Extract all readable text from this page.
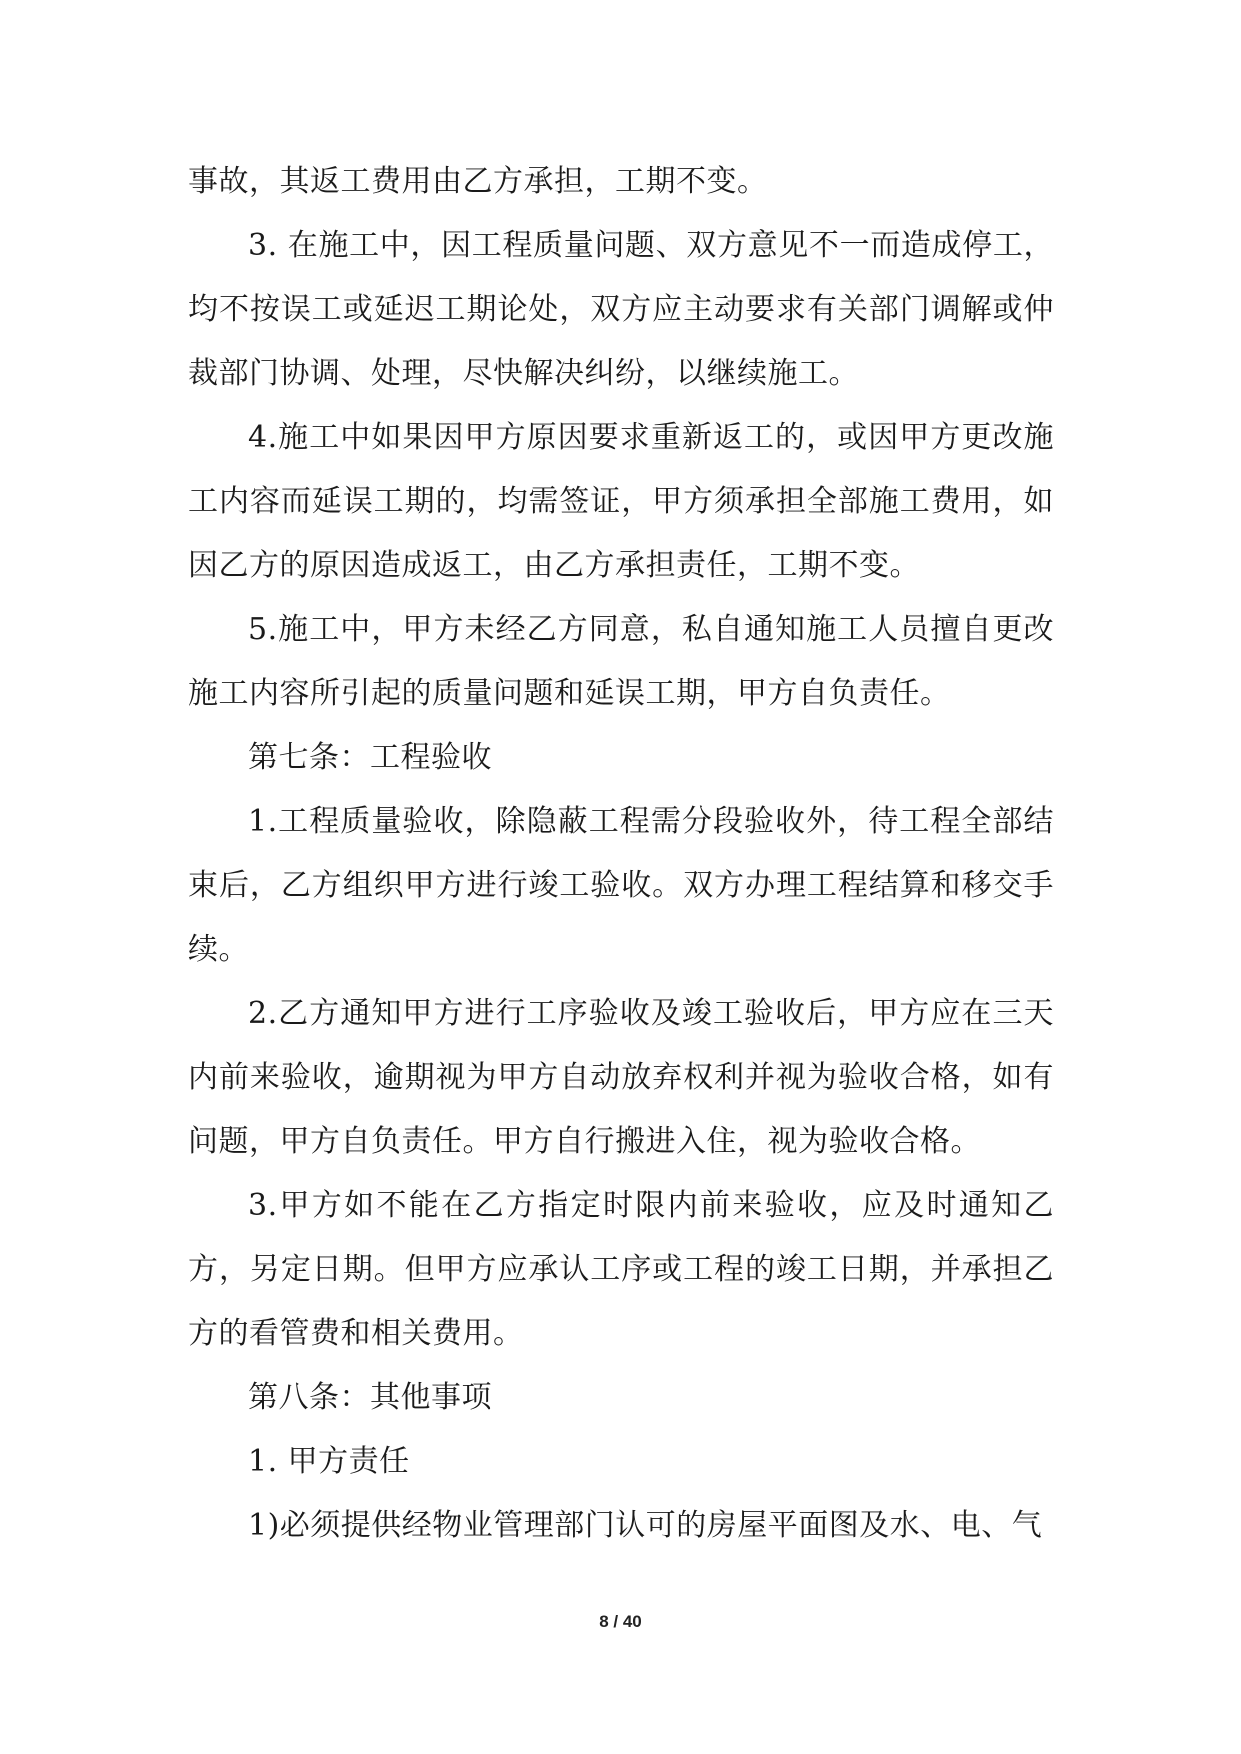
事故，其返工费用由乙方承担，工期不变。

3. 在施工中，因工程质量问题、双方意见不一而造成停工，均不按误工或延迟工期论处，双方应主动要求有关部门调解或仲裁部门协调、处理，尽快解决纠纷，以继续施工。

4.施工中如果因甲方原因要求重新返工的，或因甲方更改施工内容而延误工期的，均需签证，甲方须承担全部施工费用，如因乙方的原因造成返工，由乙方承担责任，工期不变。

5.施工中，甲方未经乙方同意，私自通知施工人员擅自更改施工内容所引起的质量问题和延误工期，甲方自负责任。

第七条：工程验收

1.工程质量验收，除隐蔽工程需分段验收外，待工程全部结束后，乙方组织甲方进行竣工验收。双方办理工程结算和移交手续。

2.乙方通知甲方进行工序验收及竣工验收后，甲方应在三天内前来验收，逾期视为甲方自动放弃权利并视为验收合格，如有问题，甲方自负责任。甲方自行搬进入住，视为验收合格。

3.甲方如不能在乙方指定时限内前来验收，应及时通知乙方，另定日期。但甲方应承认工序或工程的竣工日期，并承担乙方的看管费和相关费用。

第八条：其他事项

1. 甲方责任

1)必须提供经物业管理部门认可的房屋平面图及水、电、气

8 / 40
